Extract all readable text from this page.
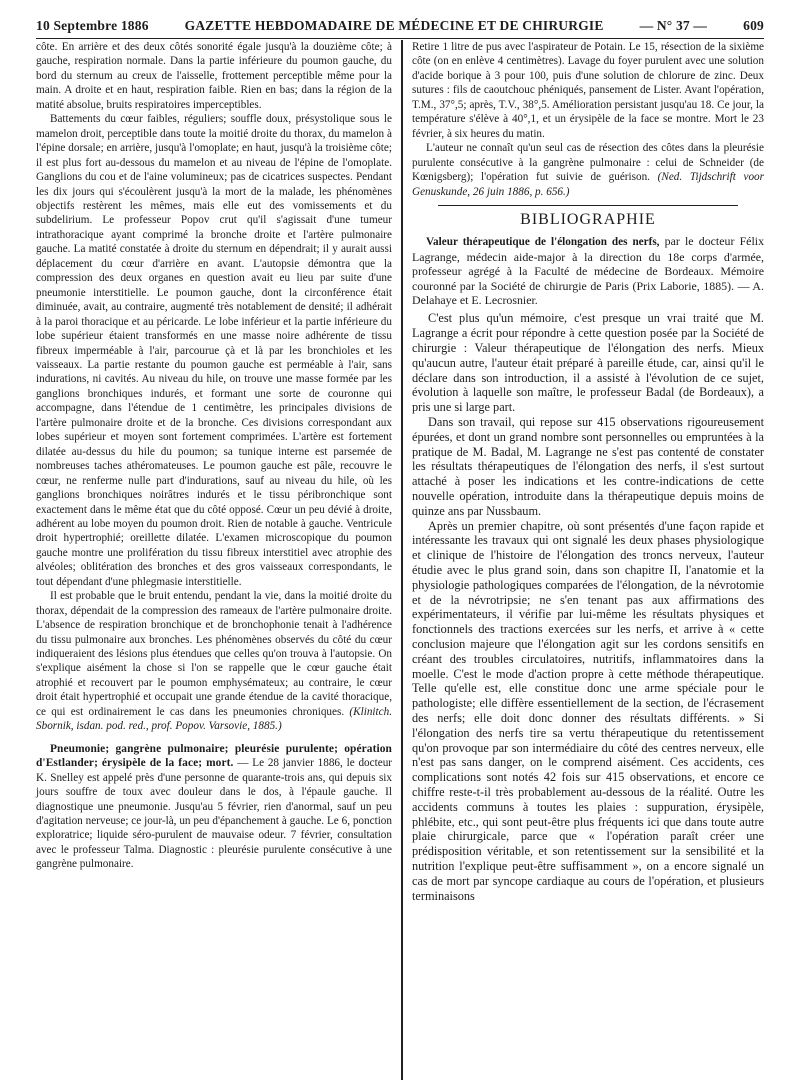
10 Septembre 1886	GAZETTE HEBDOMADAIRE DE MÉDECINE ET DE CHIRURGIE	— N° 37 —	609

côte. En arrière et des deux côtés sonorité égale jusqu'à la douzième côte; à gauche, respiration normale. Dans la partie inférieure du poumon gauche, du bord du sternum au creux de l'aisselle, frottement perceptible même pour la main. A droite et en haut, respiration faible. Rien en bas; dans la région de la matité absolue, bruits respiratoires imperceptibles.

Battements du cœur faibles, réguliers; souffle doux, présystolique sous le mamelon droit, perceptible dans toute la moitié droite du thorax, du mamelon à l'épine dorsale; en arrière, jusqu'à l'omoplate; en haut, jusqu'à la troisième côte; il est plus fort au-dessous du mamelon et au niveau de l'épine de l'omoplate. Ganglions du cou et de l'aine volumineux; pas de cicatrices suspectes. Pendant les dix jours qui s'écoulèrent jusqu'à la mort de la malade, les phénomènes objectifs restèrent les mêmes, mais elle eut des vomissements et du subdelirium. Le professeur Popov crut qu'il s'agissait d'une tumeur intrathoracique ayant comprimé la bronche droite et l'artère pulmonaire gauche. La matité constatée à droite du sternum en dépendrait; il y aurait aussi déplacement du cœur d'arrière en avant. L'autopsie démontra que la compression des deux organes en question avait eu lieu par suite d'une pneumonie interstitielle. Le poumon gauche, dont la circonférence était diminuée, avait, au contraire, augmenté très notablement de densité; il adhérait à la paroi thoracique et au péricarde. Le lobe inférieur et la partie inférieure du lobe supérieur étaient transformés en une masse noire adhérente de tissu fibreux imperméable à l'air, parcourue çà et là par les bronchioles et les vaisseaux. La partie restante du poumon gauche est perméable à l'air, sans indurations, ni cavités. Au niveau du hile, on trouve une masse formée par les ganglions bronchiques indurés, et formant une sorte de couronne qui accompagne, dans l'étendue de 1 centimètre, les principales divisions de l'artère pulmonaire droite et de la bronche. Ces divisions correspondant aux lobes supérieur et moyen sont fortement comprimées. L'artère est fortement dilatée au-dessus du hile du poumon; sa tunique interne est parsemée de nombreuses taches athéromateuses. Le poumon gauche est pâle, recouvre le cœur, ne renferme nulle part d'indurations, sauf au niveau du hile, où les ganglions bronchiques noirâtres indurés et le tissu péribronchique sont exactement dans le même état que du côté opposé. Cœur un peu dévié à droite, adhérent au lobe moyen du poumon droit. Rien de notable à gauche. Ventricule droit hypertrophié; oreillette dilatée. L'examen microscopique du poumon gauche montre une prolifération du tissu fibreux interstitiel avec atrophie des alvéoles; oblitération des bronches et des gros vaisseaux correspondants, le tout dépendant d'une phlegmasie interstitielle.

Il est probable que le bruit entendu, pendant la vie, dans la moitié droite du thorax, dépendait de la compression des rameaux de l'artère pulmonaire droite. L'absence de respiration bronchique et de bronchophonie tenait à l'adhérence du tissu pulmonaire aux bronches. Les phénomènes observés du côté du cœur indiqueraient des lésions plus étendues que celles qu'on trouva à l'autopsie. On s'explique aisément la chose si l'on se rappelle que le cœur gauche était atrophié et recouvert par le poumon emphysémateux; au contraire, le cœur droit était hypertrophié et occupait une grande étendue de la cavité thoracique, ce qui est ordinairement le cas dans les pneumonies chroniques. (Klinitch. Sbornik, isdan. pod. red., prof. Popov. Varsovie, 1885.)

Pneumonie; gangrène pulmonaire; pleurésie purulente; opération d'Estlander; érysipèle de la face; mort. — Le 28 janvier 1886, le docteur K. Snelley est appelé près d'une personne de quarante-trois ans, qui depuis six jours souffre de toux avec douleur dans le dos, à l'épaule gauche. Il diagnostique une pneumonie. Jusqu'au 5 février, rien d'anormal, sauf un peu d'agitation nerveuse; ce jour-là, un peu d'épanchement à gauche. Le 6, ponction exploratrice; liquide séro-purulent de mauvaise odeur. 7 février, consultation avec le professeur Talma. Diagnostic : pleurésie purulente consécutive à une gangrène pulmonaire.

Retire 1 litre de pus avec l'aspirateur de Potain. Le 15, résection de la sixième côte (on en enlève 4 centimètres). Lavage du foyer purulent avec une solution d'acide borique à 3 pour 100, puis d'une solution de chlorure de zinc. Deux sutures : fils de caoutchouc phéniqués, pansement de Lister. Avant l'opération, T.M., 37°,5; après, T.V., 38°,5. Amélioration persistant jusqu'au 18. Ce jour, la température s'élève à 40°,1, et un érysipèle de la face se montre. Mort le 23 février, à six heures du matin.

L'auteur ne connaît qu'un seul cas de résection des côtes dans la pleurésie purulente consécutive à la gangrène pulmonaire : celui de Schneider (de Kœnigsberg); l'opération fut suivie de guérison. (Ned. Tijdschrift voor Genuskunde, 26 juin 1886, p. 656.)

BIBLIOGRAPHIE

Valeur thérapeutique de l'élongation des nerfs, par le docteur Félix Lagrange, médecin aide-major à la direction du 18e corps d'armée, professeur agrégé à la Faculté de médecine de Bordeaux. Mémoire couronné par la Société de chirurgie de Paris (Prix Laborie, 1885). — A. Delahaye et E. Lecrosnier.

C'est plus qu'un mémoire, c'est presque un vrai traité que M. Lagrange a écrit pour répondre à cette question posée par la Société de chirurgie : Valeur thérapeutique de l'élongation des nerfs. Mieux qu'aucun autre, l'auteur était préparé à pareille étude, car, ainsi qu'il le déclare dans son introduction, il a assisté à l'évolution de ce sujet, évolution à laquelle son maître, le professeur Badal (de Bordeaux), a pris une si large part.

Dans son travail, qui repose sur 415 observations rigoureusement épurées, et dont un grand nombre sont personnelles ou empruntées à la pratique de M. Badal, M. Lagrange ne s'est pas contenté de constater les résultats thérapeutiques de l'élongation des nerfs, il s'est surtout attaché à poser les indications et les contre-indications de cette nouvelle opération, introduite dans la thérapeutique depuis moins de quinze ans par Nussbaum.

Après un premier chapitre, où sont présentés d'une façon rapide et intéressante les travaux qui ont signalé les deux phases physiologique et clinique de l'histoire de l'élongation des troncs nerveux, l'auteur étudie avec le plus grand soin, dans son chapitre II, l'anatomie et la physiologie pathologiques comparées de l'élongation, de la névrotomie et de la névrotripsie; ne s'en tenant pas aux affirmations des expérimentateurs, il vérifie par lui-même les résultats physiques et fonctionnels des tractions exercées sur les nerfs, et arrive à « cette conclusion majeure que l'élongation agit sur les cordons sensitifs en créant des troubles circulatoires, nutritifs, inflammatoires dans la moelle. C'est le mode d'action propre à cette méthode thérapeutique. Telle qu'elle est, elle constitue donc une arme spéciale pour le pathologiste; elle diffère essentiellement de la section, de l'écrasement des nerfs; elle doit donc donner des résultats différents. » Si l'élongation des nerfs tire sa vertu thérapeutique du retentissement qu'on provoque par son intermédiaire du côté des centres nerveux, elle n'est pas sans danger, on le comprend aisément. Ces accidents, ces complications sont notés 42 fois sur 415 observations, et encore ce chiffre reste-t-il très probablement au-dessous de la réalité. Outre les accidents communs à toutes les plaies : suppuration, érysipèle, phlébite, etc., qui sont peut-être plus fréquents ici que dans toute autre plaie chirurgicale, parce que « l'opération paraît créer une prédisposition véritable, et son retentissement sur la sensibilité et la nutrition l'explique peut-être suffisamment », on a encore signalé un cas de mort par syncope cardiaque au cours de l'opération, et plusieurs terminaisons
